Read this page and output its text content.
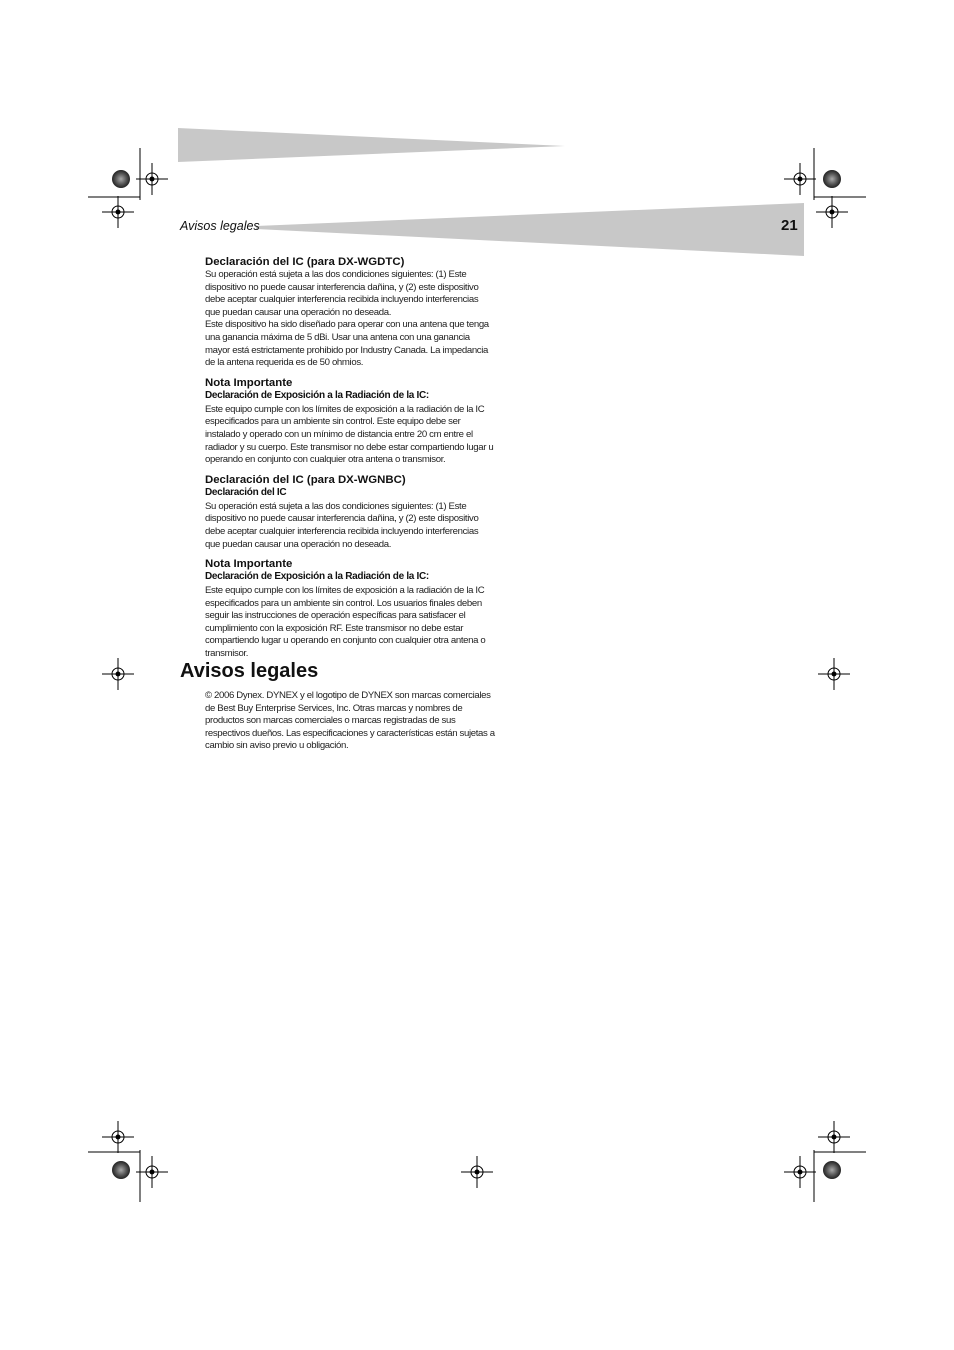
Avisos legales	21
Declaración del IC (para DX-WGDTC)

Su operación está sujeta a las dos condiciones siguientes: (1) Este dispositivo no puede causar interferencia dañina, y (2) este dispositivo debe aceptar cualquier interferencia recibida incluyendo interferencias que puedan causar una operación no deseada.

Este dispositivo ha sido diseñado para operar con una antena que tenga una ganancia máxima de 5 dBi. Usar una antena con una ganancia mayor está estrictamente prohibido por Industry Canada. La impedancia de la antena requerida es de 50 ohmios.

Nota Importante
Declaración de Exposición a la Radiación de la IC:

Este equipo cumple con los límites de exposición a la radiación de la IC especificados para un ambiente sin control. Este equipo debe ser instalado y operado con un mínimo de distancia entre 20 cm entre el radiador y su cuerpo. Este transmisor no debe estar compartiendo lugar u operando en conjunto con cualquier otra antena o transmisor.

Declaración del IC (para DX-WGNBC)
Declaración del IC

Su operación está sujeta a las dos condiciones siguientes: (1) Este dispositivo no puede causar interferencia dañina, y (2) este dispositivo debe aceptar cualquier interferencia recibida incluyendo interferencias que puedan causar una operación no deseada.

Nota Importante
Declaración de Exposición a la Radiación de la IC:

Este equipo cumple con los límites de exposición a la radiación de la IC especificados para un ambiente sin control. Los usuarios finales deben seguir las instrucciones de operación específicas para satisfacer el cumplimiento con la exposición RF. Este transmisor no debe estar compartiendo lugar u operando en conjunto con cualquier otra antena o transmisor.

Avisos legales

© 2006 Dynex. DYNEX y el logotipo de DYNEX son marcas comerciales de Best Buy Enterprise Services, Inc. Otras marcas y nombres de productos son marcas comerciales o marcas registradas de sus respectivos dueños. Las especificaciones y características están sujetas a cambio sin aviso previo u obligación.
